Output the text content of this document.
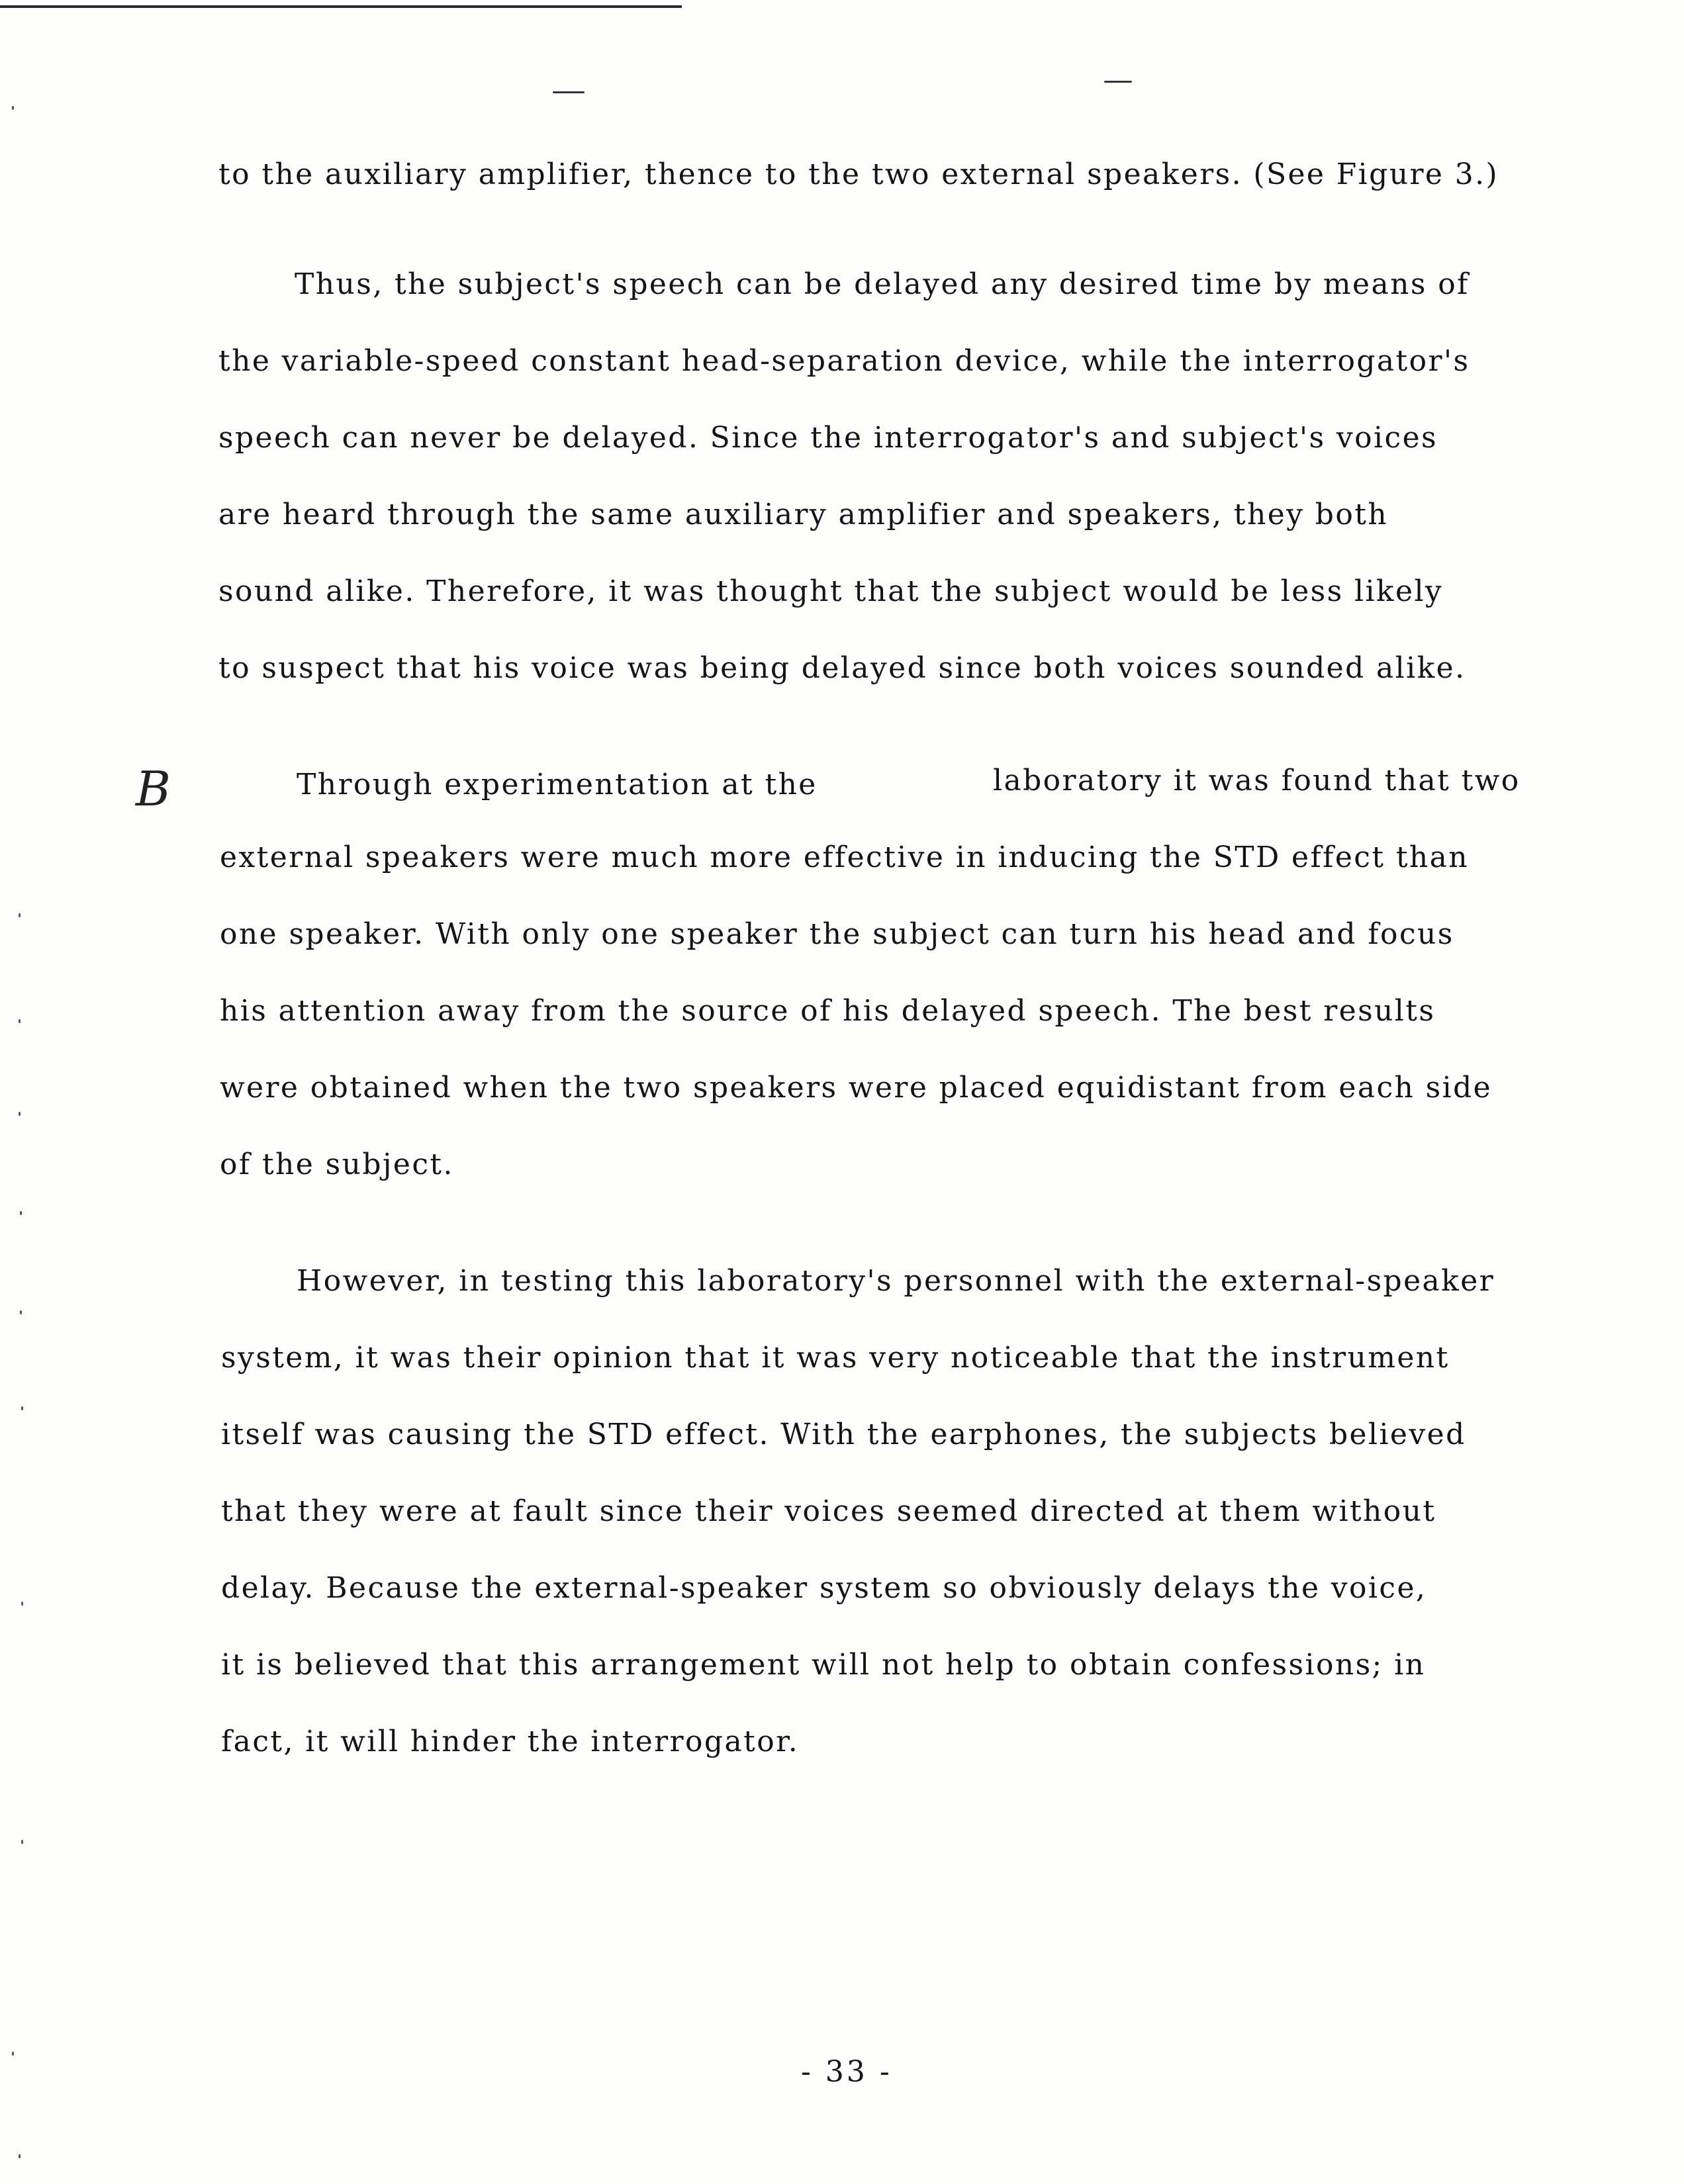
to the auxiliary amplifier, thence to the two external speakers. (See Figure 3.)
Thus, the subject's speech can be delayed any desired time by means of
the variable-speed constant head-separation device, while the interrogator's
speech can never be delayed. Since the interrogator's and subject's voices
are heard through the same auxiliary amplifier and speakers, they both
sound alike. Therefore, it was thought that the subject would be less likely
to suspect that his voice was being delayed since both voices sounded alike.
B	Through experimentation at the	laboratory it was found that two
external speakers were much more effective in inducing the STD effect than
one speaker. With only one speaker the subject can turn his head and focus
his attention away from the source of his delayed speech. The best results
were obtained when the two speakers were placed equidistant from each side
of the subject.
However, in testing this laboratory's personnel with the external-speaker
system, it was their opinion that it was very noticeable that the instrument
itself was causing the STD effect. With the earphones, the subjects believed
that they were at fault since their voices seemed directed at them without
delay. Because the external-speaker system so obviously delays the voice,
it is believed that this arrangement will not help to obtain confessions; in
fact, it will hinder the interrogator.
- 33 -
